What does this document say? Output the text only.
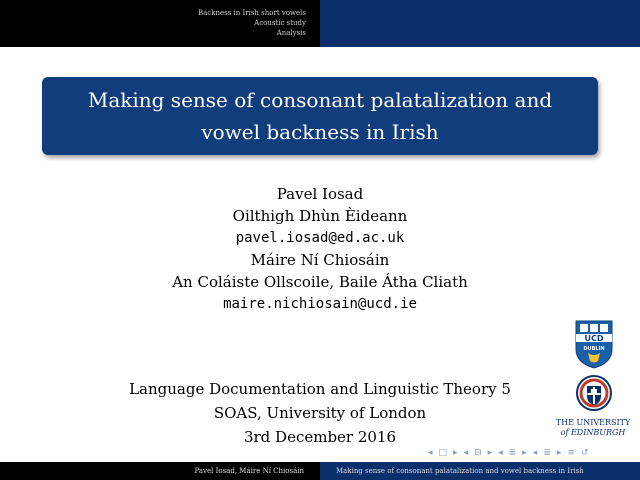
Backness in Irish short vowels
Acoustic study
Analysis
Making sense of consonant palatalization and vowel backness in Irish
Pavel Iosad
Oilthigh Dhùn Èideann
pavel.iosad@ed.ac.uk
Máire Ní Chiosáin
An Coláiste Ollscoile, Baile Átha Cliath
maire.nichiosain@ucd.ie
Language Documentation and Linguistic Theory 5
SOAS, University of London
3rd December 2016
UCD
DUBLIN
THE UNIVERSITY
of EDINBURGH
◂ □ ▸ ◂ ⊟ ▸ ◂ ≣ ▸ ◂ ≣ ▸ ≡ ↺
Pavel Iosad, Máire Ní Chiosáin	Making sense of consonant palatalization and vowel backness in Irish
